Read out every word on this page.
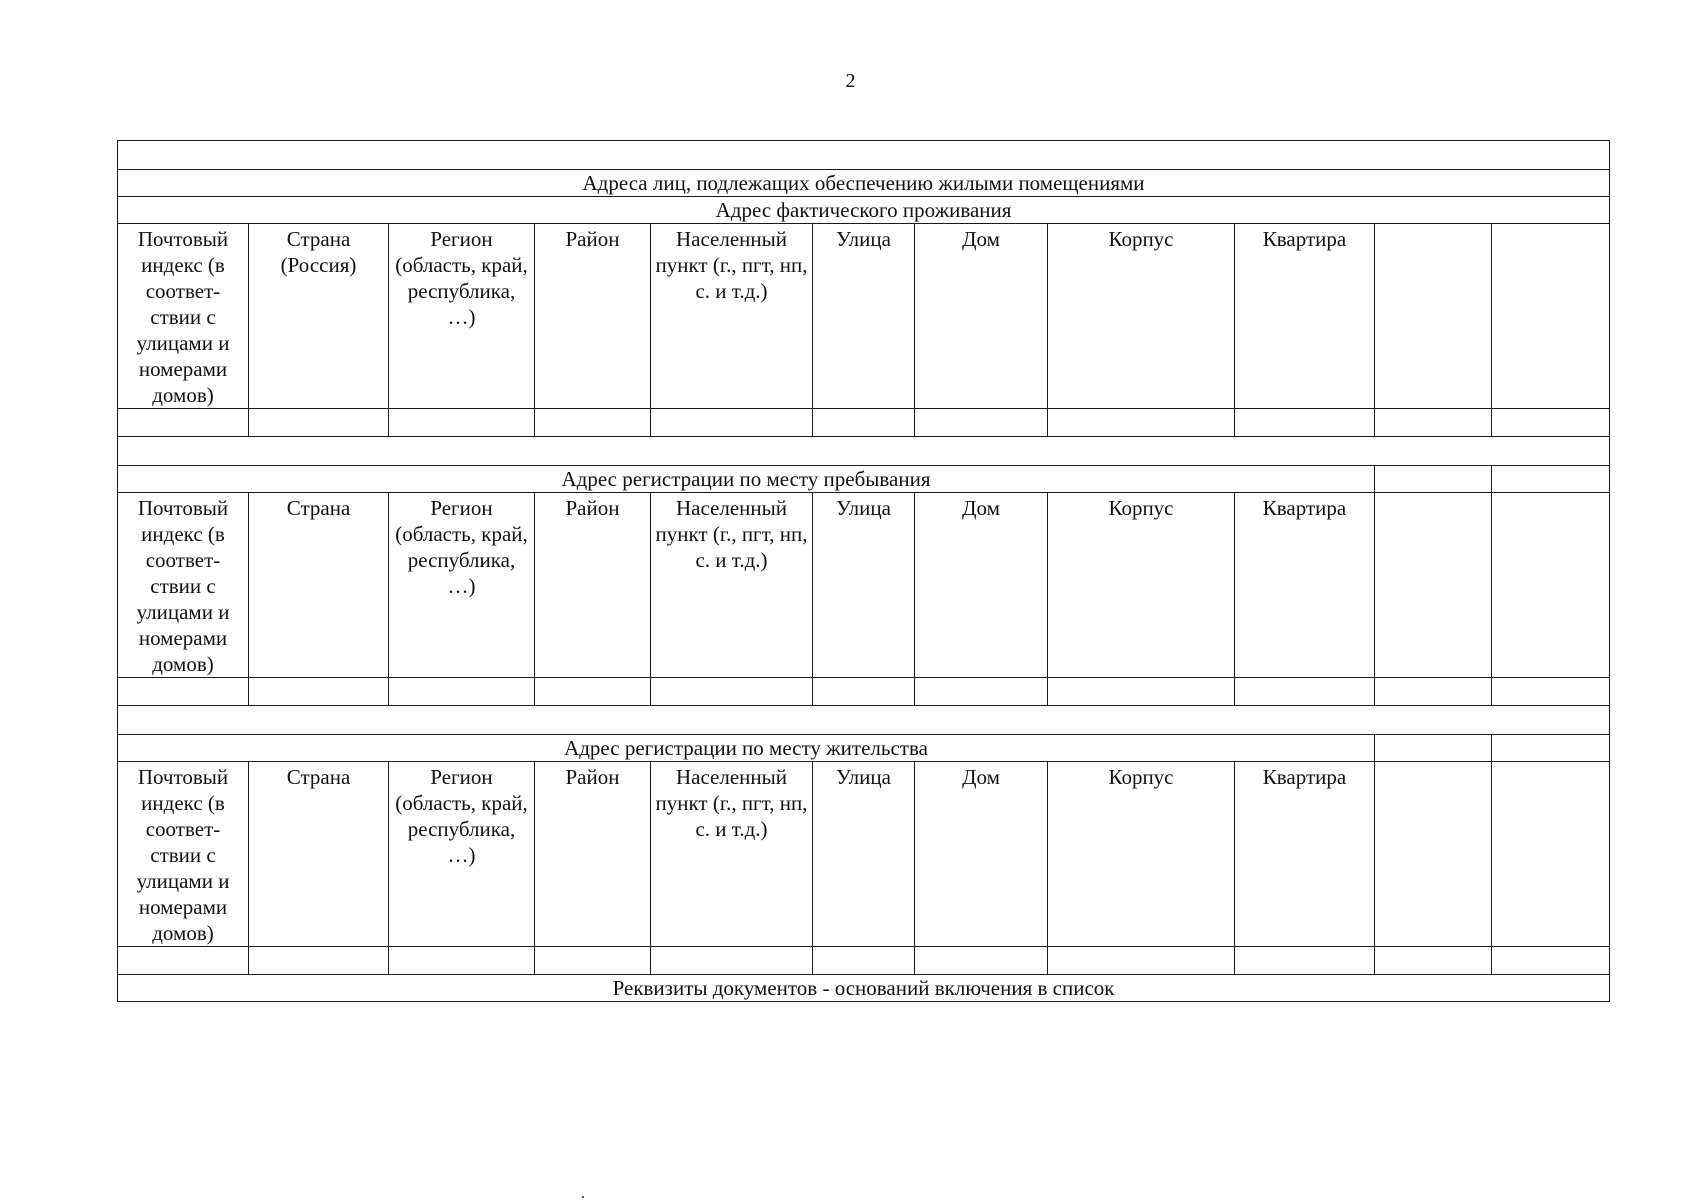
2

Адреса лиц, подлежащих обеспечению жилыми помещениями										
Адрес фактического проживания										
Почтовый индекс (в соответ-ствии с улицами и номерами домов)	Страна (Россия)	Регион (область, край, республика, …)	Район	Населенный пункт (г., пгт, нп, с. и т.д.)	Улица	Дом	Корпус	Квартира		

Адрес регистрации по месту пребывания										
Почтовый индекс (в соответ-ствии с улицами и номерами домов)	Страна	Регион (область, край, республика, …)	Район	Населенный пункт (г., пгт, нп, с. и т.д.)	Улица	Дом	Корпус	Квартира		

Адрес регистрации по месту жительства										
Почтовый индекс (в соответ-ствии с улицами и номерами домов)	Страна	Регион (область, край, республика, …)	Район	Населенный пункт (г., пгт, нп, с. и т.д.)	Улица	Дом	Корпус	Квартира		

Реквизиты документов - оснований включения в список										
